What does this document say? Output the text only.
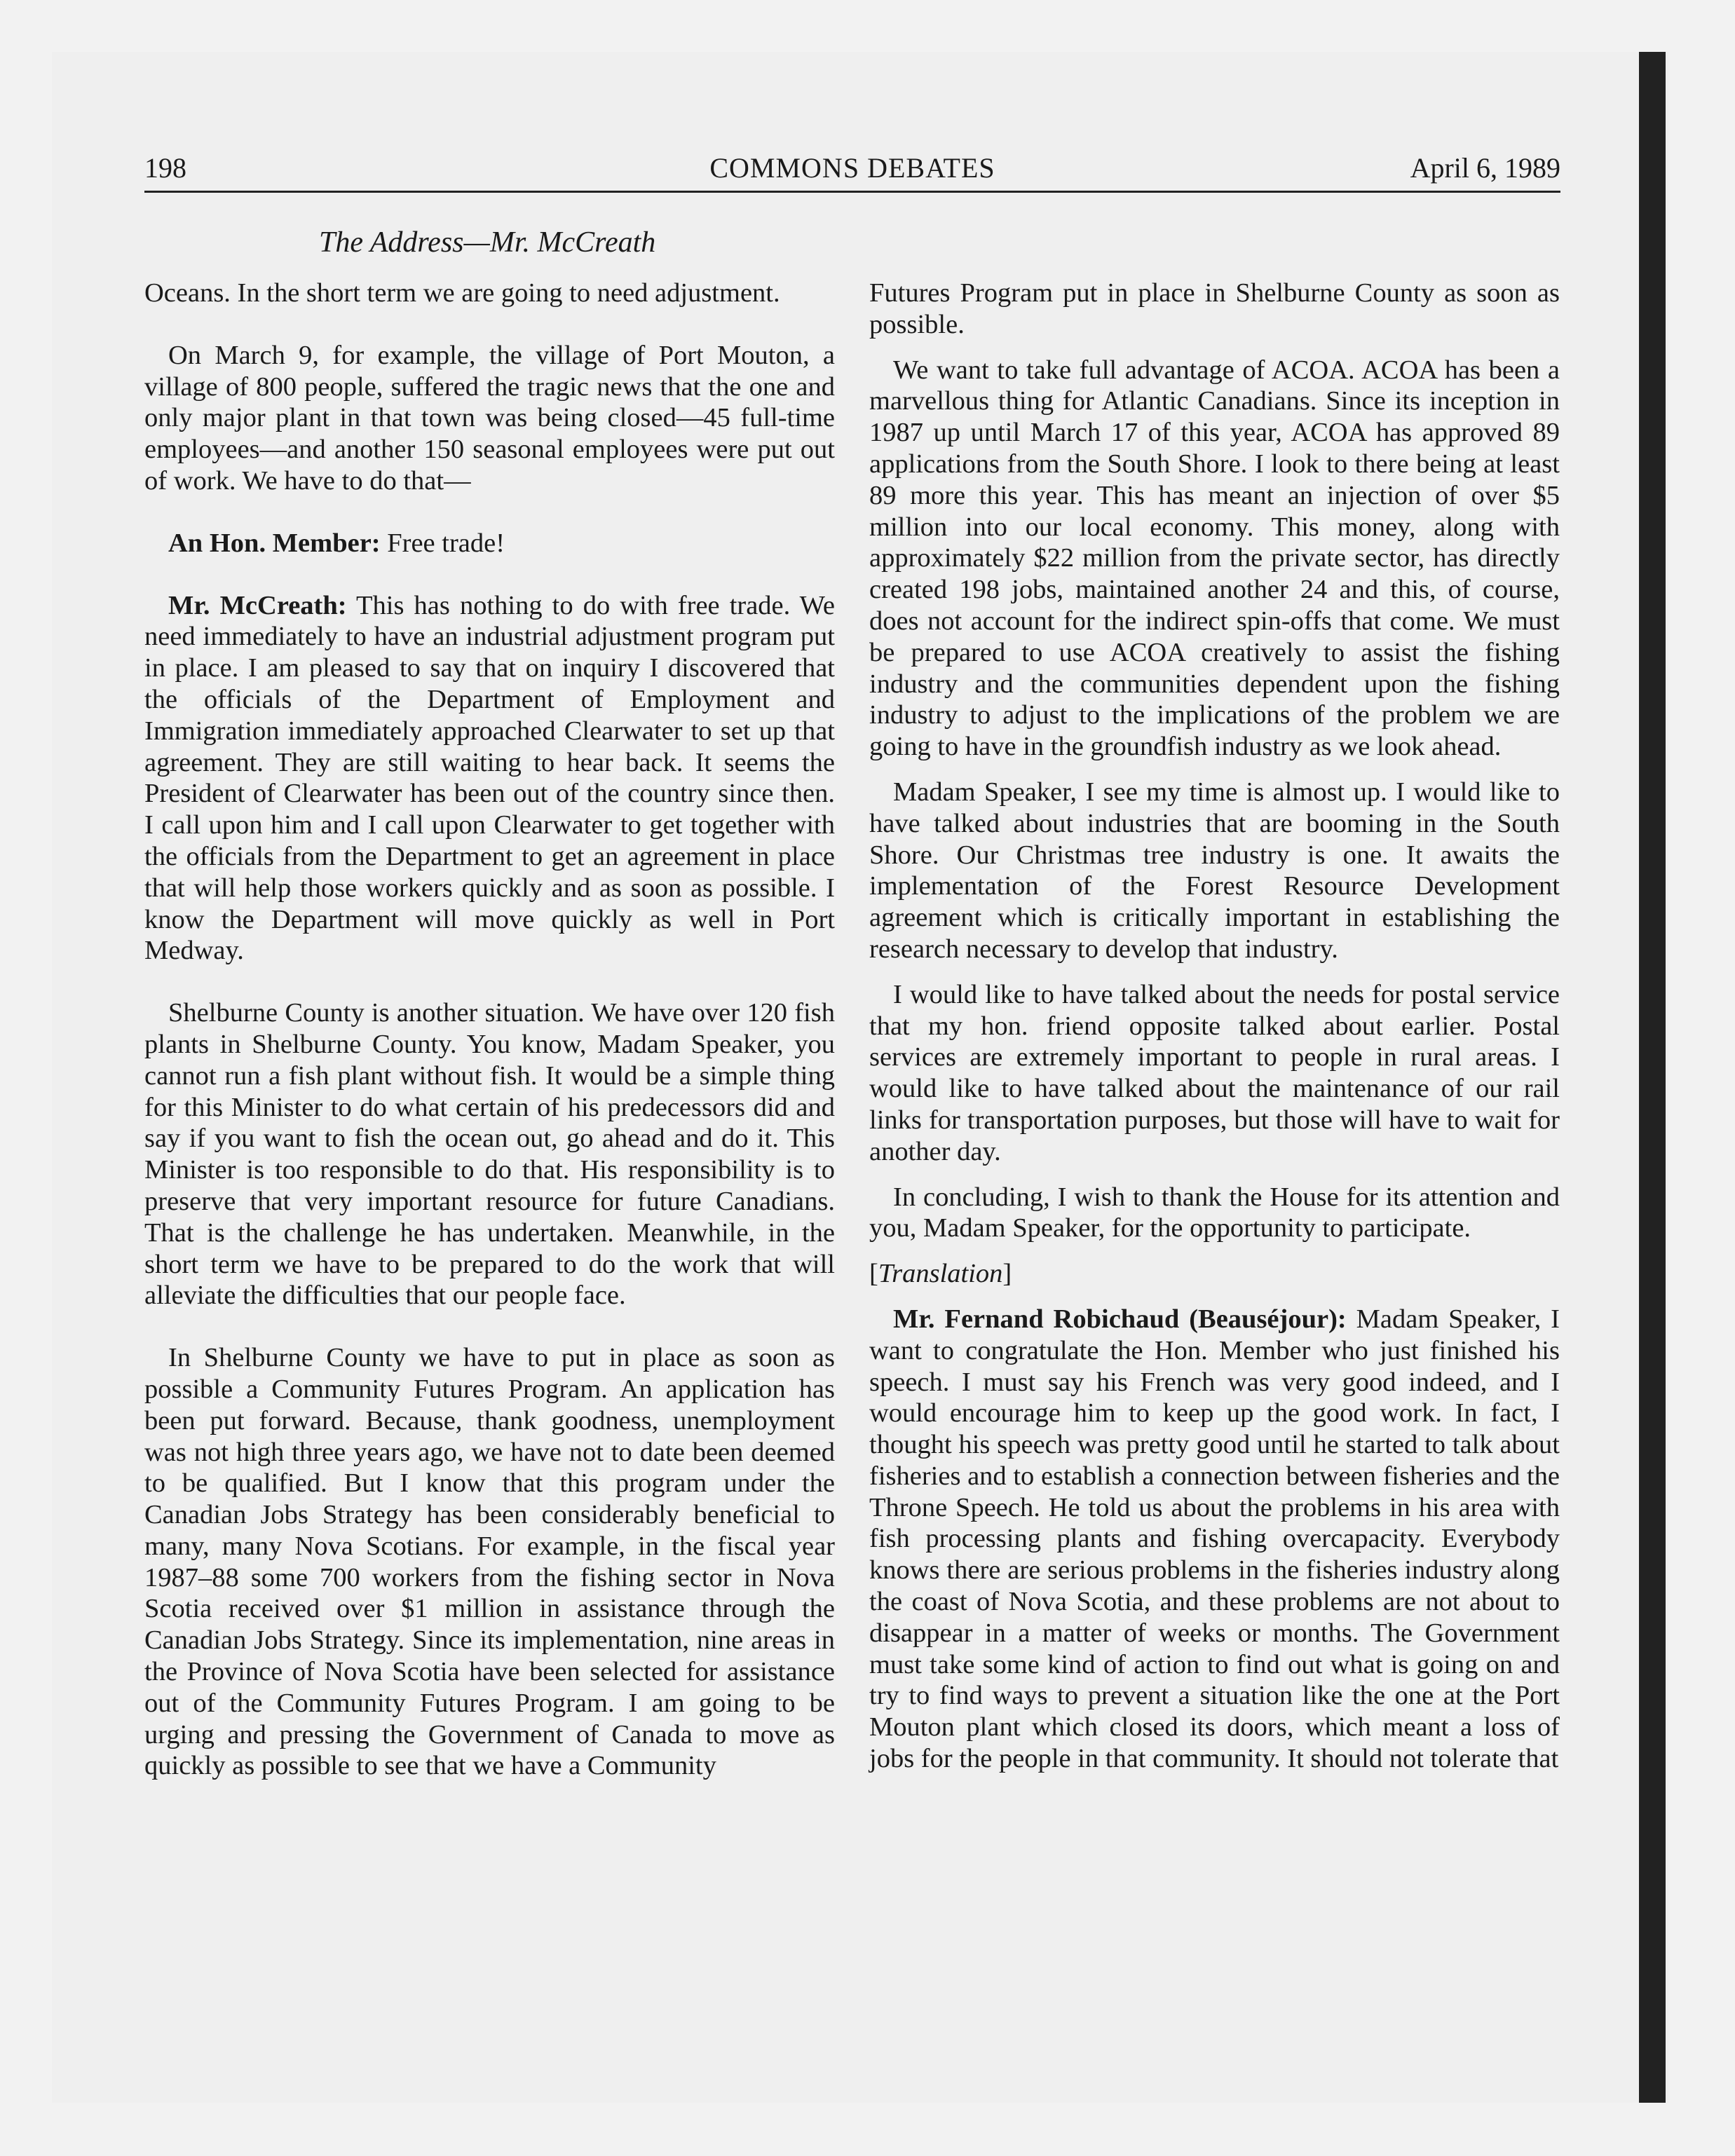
198	COMMONS DEBATES	April 6, 1989
The Address—Mr. McCreath

Oceans. In the short term we are going to need adjustment.

On March 9, for example, the village of Port Mouton, a village of 800 people, suffered the tragic news that the one and only major plant in that town was being closed—45 full-time employees—and another 150 seasonal employees were put out of work. We have to do that—

An Hon. Member: Free trade!

Mr. McCreath: This has nothing to do with free trade. We need immediately to have an industrial adjustment program put in place. I am pleased to say that on inquiry I discovered that the officials of the Department of Employment and Immigration immediately approached Clearwater to set up that agreement. They are still waiting to hear back. It seems the President of Clearwater has been out of the country since then. I call upon him and I call upon Clearwater to get together with the officials from the Department to get an agreement in place that will help those workers quickly and as soon as possible. I know the Department will move quickly as well in Port Medway.

Shelburne County is another situation. We have over 120 fish plants in Shelburne County. You know, Madam Speaker, you cannot run a fish plant without fish. It would be a simple thing for this Minister to do what certain of his predecessors did and say if you want to fish the ocean out, go ahead and do it. This Minister is too responsible to do that. His responsibility is to preserve that very important resource for future Canadians. That is the challenge he has undertaken. Meanwhile, in the short term we have to be prepared to do the work that will alleviate the difficulties that our people face.

In Shelburne County we have to put in place as soon as possible a Community Futures Program. An application has been put forward. Because, thank goodness, unemployment was not high three years ago, we have not to date been deemed to be qualified. But I know that this program under the Canadian Jobs Strategy has been considerably beneficial to many, many Nova Scotians. For example, in the fiscal year 1987–88 some 700 workers from the fishing sector in Nova Scotia received over $1 million in assistance through the Canadian Jobs Strategy. Since its implementation, nine areas in the Province of Nova Scotia have been selected for assistance out of the Community Futures Program. I am going to be urging and pressing the Government of Canada to move as quickly as possible to see that we have a Community

Futures Program put in place in Shelburne County as soon as possible.

We want to take full advantage of ACOA. ACOA has been a marvellous thing for Atlantic Canadians. Since its inception in 1987 up until March 17 of this year, ACOA has approved 89 applications from the South Shore. I look to there being at least 89 more this year. This has meant an injection of over $5 million into our local economy. This money, along with approximately $22 million from the private sector, has directly created 198 jobs, maintained another 24 and this, of course, does not account for the indirect spin-offs that come. We must be prepared to use ACOA creatively to assist the fishing industry and the communities dependent upon the fishing industry to adjust to the implications of the problem we are going to have in the groundfish industry as we look ahead.

Madam Speaker, I see my time is almost up. I would like to have talked about industries that are booming in the South Shore. Our Christmas tree industry is one. It awaits the implementation of the Forest Resource Development agreement which is critically important in establishing the research necessary to develop that industry.

I would like to have talked about the needs for postal service that my hon. friend opposite talked about earlier. Postal services are extremely important to people in rural areas. I would like to have talked about the maintenance of our rail links for transportation purposes, but those will have to wait for another day.

In concluding, I wish to thank the House for its attention and you, Madam Speaker, for the opportunity to participate.

[Translation]

Mr. Fernand Robichaud (Beauséjour): Madam Speaker, I want to congratulate the Hon. Member who just finished his speech. I must say his French was very good indeed, and I would encourage him to keep up the good work. In fact, I thought his speech was pretty good until he started to talk about fisheries and to establish a connection between fisheries and the Throne Speech. He told us about the problems in his area with fish processing plants and fishing overcapacity. Everybody knows there are serious problems in the fisheries industry along the coast of Nova Scotia, and these problems are not about to disappear in a matter of weeks or months. The Government must take some kind of action to find out what is going on and try to find ways to prevent a situation like the one at the Port Mouton plant which closed its doors, which meant a loss of jobs for the people in that community. It should not tolerate that
